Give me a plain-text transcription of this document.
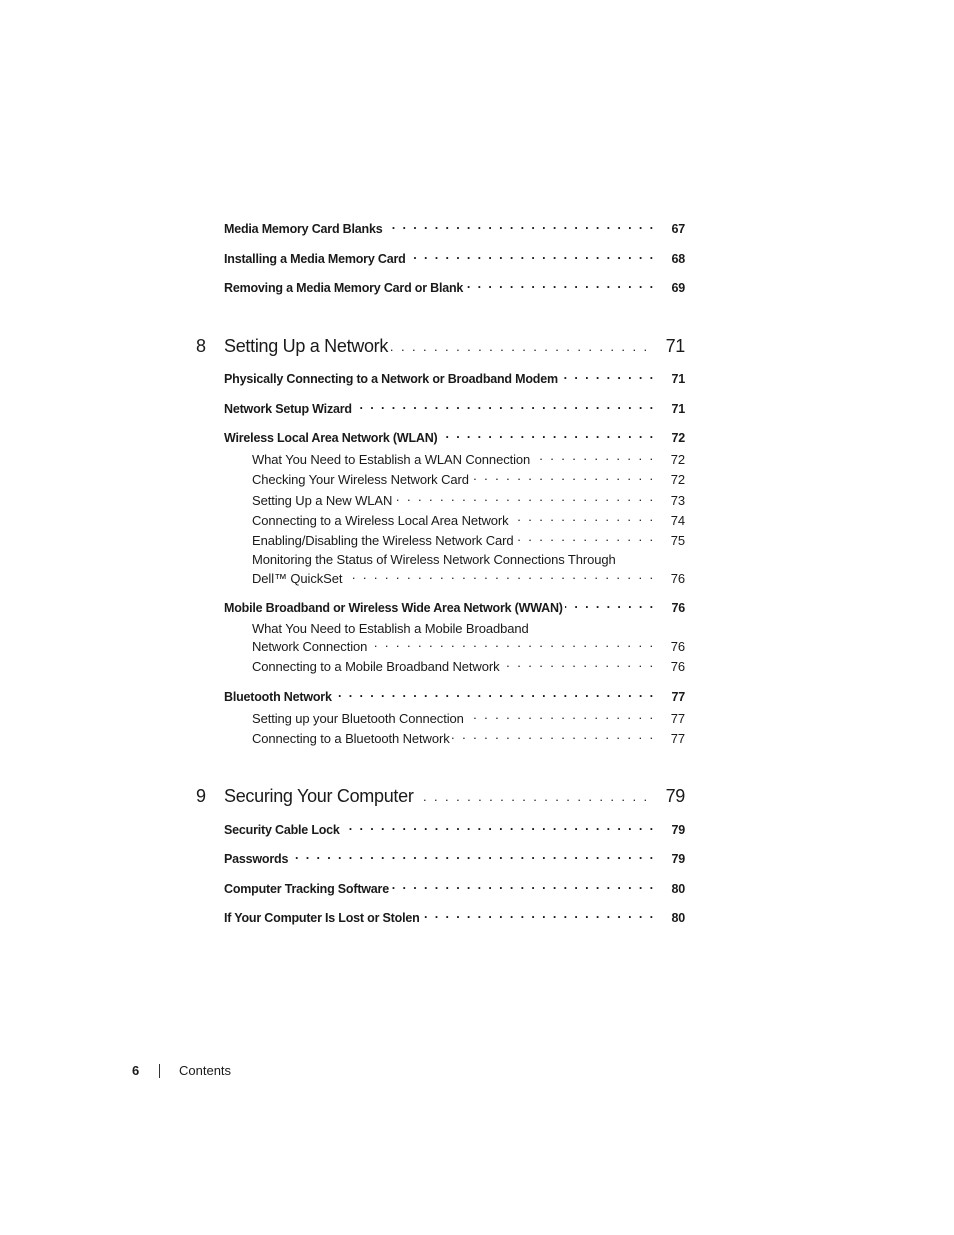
Media Memory Card Blanks . . .	67
Installing a Media Memory Card . . .	68
Removing a Media Memory Card or Blank . . .	69
8 Setting Up a Network . . .	71
Physically Connecting to a Network or Broadband Modem . . .	71
Network Setup Wizard . . .	71
Wireless Local Area Network (WLAN) . . .	72
What You Need to Establish a WLAN Connection . . .	72
Checking Your Wireless Network Card . . .	72
Setting Up a New WLAN . . .	73
Connecting to a Wireless Local Area Network . . .	74
Enabling/Disabling the Wireless Network Card . . .	75
Monitoring the Status of Wireless Network Connections Through
Dell™ QuickSet . . .	76
Mobile Broadband or Wireless Wide Area Network (WWAN) . . .	76
What You Need to Establish a Mobile Broadband
Network Connection . . .	76
Connecting to a Mobile Broadband Network . . .	76
Bluetooth Network . . .	77
Setting up your Bluetooth Connection . . .	77
Connecting to a Bluetooth Network . . .	77
9 Securing Your Computer . . .	79
Security Cable Lock . . .	79
Passwords . . .	79
Computer Tracking Software . . .	80
If Your Computer Is Lost or Stolen . . .	80
6	Contents
